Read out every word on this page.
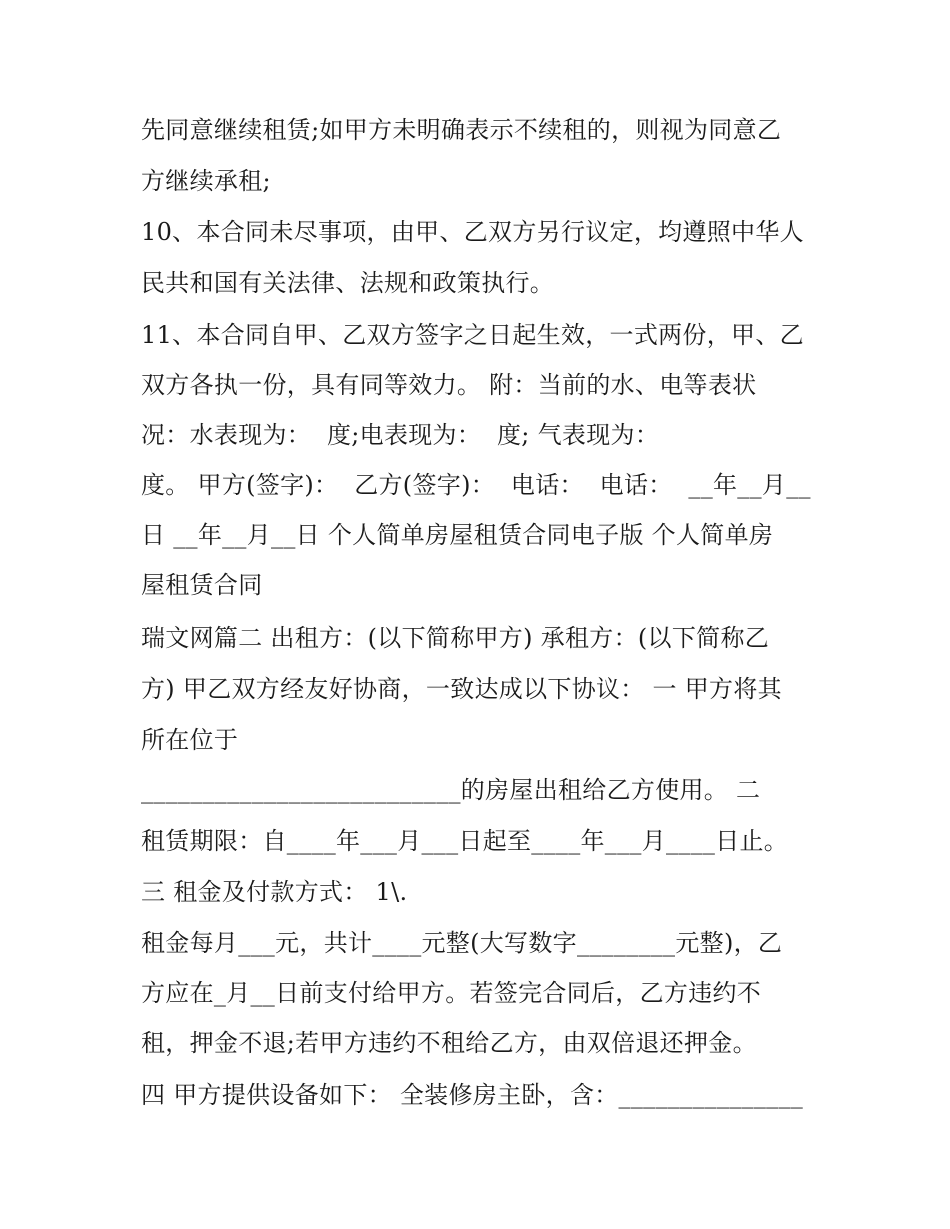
先同意继续租赁;如甲方未明确表示不续租的，则视为同意乙
方继续承租;
10、本合同未尽事项，由甲、乙双方另行议定，均遵照中华人
民共和国有关法律、法规和政策执行。
11、本合同自甲、乙双方签字之日起生效，一式两份，甲、乙
双方各执一份，具有同等效力。 附：当前的水、电等表状
况：水表现为：  度;电表现为：  度; 气表现为：
度。 甲方(签字)：  乙方(签字)：  电话：  电话：  __年__月__
日 __年__月__日 个人简单房屋租赁合同电子版 个人简单房
屋租赁合同
瑞文网篇二 出租方：(以下简称甲方) 承租方：(以下简称乙
方) 甲乙双方经友好协商，一致达成以下协议： 一 甲方将其
所在位于
__________________________的房屋出租给乙方使用。 二
租赁期限：自____年___月___日起至____年___月____日止。
三 租金及付款方式： 1\.
租金每月___元，共计____元整(大写数字________元整)，乙
方应在_月__日前支付给甲方。若签完合同后，乙方违约不
租，押金不退;若甲方违约不租给乙方，由双倍退还押金。
四 甲方提供设备如下： 全装修房主卧，含：_______________
